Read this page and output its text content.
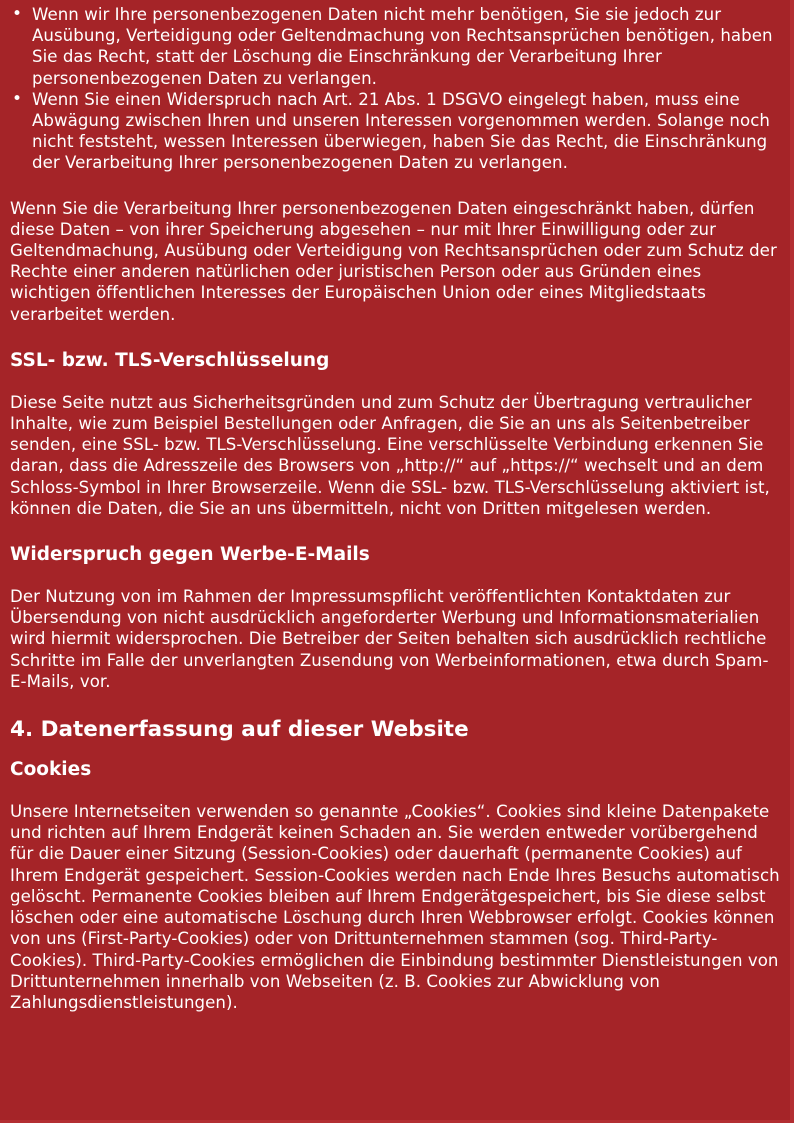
• Wenn wir Ihre personenbezogenen Daten nicht mehr benötigen, Sie sie jedoch zur Ausübung, Verteidigung oder Geltendmachung von Rechtsansprüchen benötigen, haben Sie das Recht, statt der Löschung die Einschränkung der Verarbeitung Ihrer personenbezogenen Daten zu verlangen.
• Wenn Sie einen Widerspruch nach Art. 21 Abs. 1 DSGVO eingelegt haben, muss eine Abwägung zwischen Ihren und unseren Interessen vorgenommen werden. Solange noch nicht feststeht, wessen Interessen überwiegen, haben Sie das Recht, die Einschränkung der Verarbeitung Ihrer personenbezogenen Daten zu verlangen.

Wenn Sie die Verarbeitung Ihrer personenbezogenen Daten eingeschränkt haben, dürfen diese Daten – von ihrer Speicherung abgesehen – nur mit Ihrer Einwilligung oder zur Geltendmachung, Ausübung oder Verteidigung von Rechtsansprüchen oder zum Schutz der Rechte einer anderen natürlichen oder juristischen Person oder aus Gründen eines wichtigen öffentlichen Interesses der Europäischen Union oder eines Mitgliedstaats verarbeitet werden.

SSL- bzw. TLS-Verschlüsselung

Diese Seite nutzt aus Sicherheitsgründen und zum Schutz der Übertragung vertraulicher Inhalte, wie zum Beispiel Bestellungen oder Anfragen, die Sie an uns als Seitenbetreiber senden, eine SSL- bzw. TLS-Verschlüsselung. Eine verschlüsselte Verbindung erkennen Sie daran, dass die Adresszeile des Browsers von „http://“ auf „https://“ wechselt und an dem Schloss-Symbol in Ihrer Browserzeile. Wenn die SSL- bzw. TLS-Verschlüsselung aktiviert ist, können die Daten, die Sie an uns übermitteln, nicht von Dritten mitgelesen werden.

Widerspruch gegen Werbe-E-Mails

Der Nutzung von im Rahmen der Impressumspflicht veröffentlichten Kontaktdaten zur Übersendung von nicht ausdrücklich angeforderter Werbung und Informationsmaterialien wird hiermit widersprochen. Die Betreiber der Seiten behalten sich ausdrücklich rechtliche Schritte im Falle der unverlangten Zusendung von Werbeinformationen, etwa durch Spam-E-Mails, vor.

4. Datenerfassung auf dieser Website
Cookies

Unsere Internetseiten verwenden so genannte „Cookies“. Cookies sind kleine Datenpakete und richten auf Ihrem Endgerät keinen Schaden an. Sie werden entweder vorübergehend für die Dauer einer Sitzung (Session-Cookies) oder dauerhaft (permanente Cookies) auf Ihrem Endgerät gespeichert. Session-Cookies werden nach Ende Ihres Besuchs automatisch gelöscht. Permanente Cookies bleiben auf Ihrem Endgerätgespeichert, bis Sie diese selbst löschen oder eine automatische Löschung durch Ihren Webbrowser erfolgt. Cookies können von uns (First-Party-Cookies) oder von Drittunternehmen stammen (sog. Third-Party- Cookies). Third-Party-Cookies ermöglichen die Einbindung bestimmter Dienstleistungen von Drittunternehmen innerhalb von Webseiten (z. B. Cookies zur Abwicklung von Zahlungsdienstleistungen).
